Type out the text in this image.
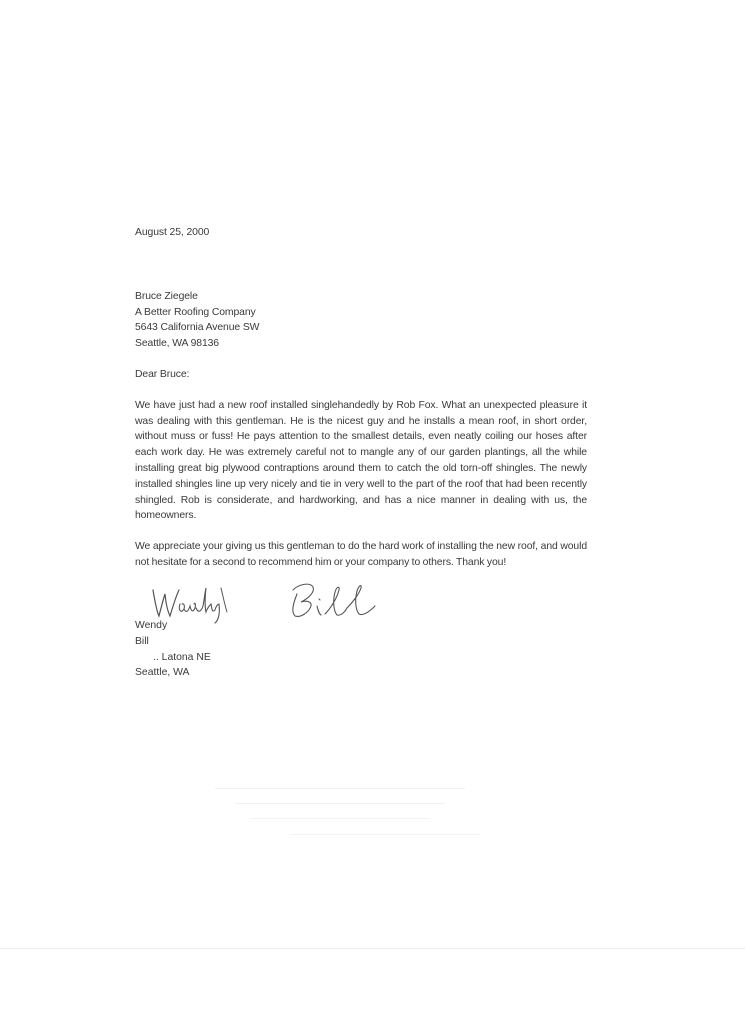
August 25, 2000
Bruce Ziegele
A Better Roofing Company
5643 California Avenue SW
Seattle, WA 98136
Dear Bruce:
We have just had a new roof installed singlehandedly by Rob Fox. What an unexpected pleasure it was dealing with this gentleman. He is the nicest guy and he installs a mean roof, in short order, without muss or fuss! He pays attention to the smallest details, even neatly coiling our hoses after each work day. He was extremely careful not to mangle any of our garden plantings, all the while installing great big plywood contraptions around them to catch the old torn-off shingles. The newly installed shingles line up very nicely and tie in very well to the part of the roof that had been recently shingled. Rob is considerate, and hardworking, and has a nice manner in dealing with us, the homeowners.
We appreciate your giving us this gentleman to do the hard work of installing the new roof, and would not hesitate for a second to recommend him or your company to others. Thank you!
Wendy
Bill
.. Latona NE
Seattle, WA
